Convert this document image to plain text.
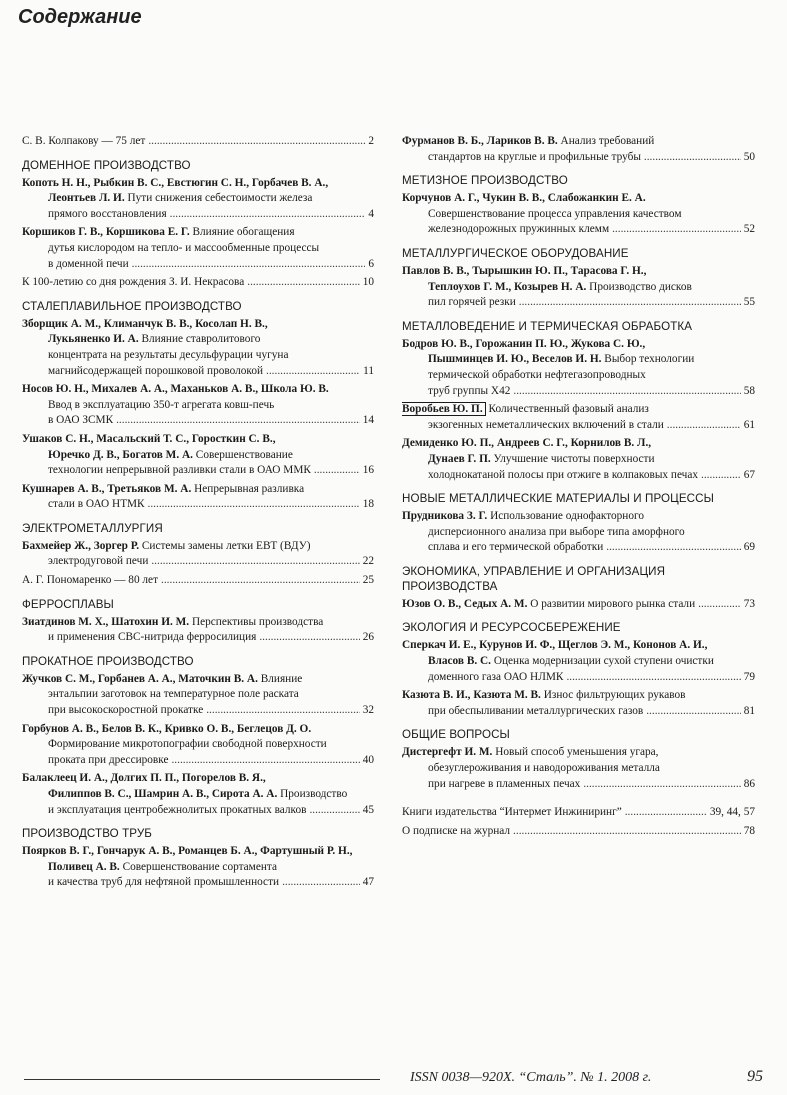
Содержание
С. В. Колпакову — 75 лет .....	2
ДОМЕННОЕ ПРОИЗВОДСТВО
Копоть Н. Н., Рыбкин В. С., Евстюгин С. Н., Горбачев В. А.,
Леонтьев Л. И. Пути снижения себестоимости железа
прямого восстановления .....	4
Коршиков Г. В., Коршикова Е. Г. Влияние обогащения
дутья кислородом на тепло- и массообменные процессы
в доменной печи .....	6
К 100-летию со дня рождения З. И. Некрасова .....	10
СТАЛЕПЛАВИЛЬНОЕ ПРОИЗВОДСТВО
Зборщик А. М., Климанчук В. В., Косолап Н. В.,
Лукьяненко И. А. Влияние ставролитового
концентрата на результаты десульфурации чугуна
магнийсодержащей порошковой проволокой .....	11
Носов Ю. Н., Михалев А. А., Маханьков А. В., Школа Ю. В.
Ввод в эксплуатацию 350-т агрегата ковш-печь
в ОАО ЗСМК .....	14
Ушаков С. Н., Масальский Т. С., Горосткин С. В.,
Юречко Д. В., Богатов М. А. Совершенствование
технологии непрерывной разливки стали в ОАО ММК .....	16
Кушнарев А. В., Третьяков М. А. Непрерывная разливка
стали в ОАО НТМК .....	18
ЭЛЕКТРОМЕТАЛЛУРГИЯ
Бахмейер Ж., Зоргер Р. Системы замены летки ЕВТ (ВДУ)
электродуговой печи .....	22
А. Г. Пономаренко — 80 лет .....	25
ФЕРРОСПЛАВЫ
Зиатдинов М. Х., Шатохин И. М. Перспективы производства
и применения СВС-нитрида ферросилиция .....	26
ПРОКАТНОЕ ПРОИЗВОДСТВО
Жучков С. М., Горбанев А. А., Маточкин В. А. Влияние
энтальпии заготовок на температурное поле раската
при высокоскоростной прокатке .....	32
Горбунов А. В., Белов В. К., Кривко О. В., Беглецов Д. О.
Формирование микротопографии свободной поверхности
проката при дрессировке .....	40
Балаклеец И. А., Долгих П. П., Погорелов В. Я.,
Филиппов В. С., Шамрин А. В., Сирота А. А. Производство
и эксплуатация центробежнолитых прокатных валков .....	45
ПРОИЗВОДСТВО ТРУБ
Поярков В. Г., Гончарук А. В., Романцев Б. А., Фартушный Р. Н.,
Поливец А. В. Совершенствование сортамента
и качества труб для нефтяной промышленности .....	47
Фурманов В. Б., Лариков В. В. Анализ требований
стандартов на круглые и профильные трубы .....	50
МЕТИЗНОЕ ПРОИЗВОДСТВО
Корчунов А. Г., Чукин В. В., Слабожанкин Е. А.
Совершенствование процесса управления качеством
железнодорожных пружинных клемм .....	52
МЕТАЛЛУРГИЧЕСКОЕ ОБОРУДОВАНИЕ
Павлов В. В., Тырышкин Ю. П., Тарасова Г. Н.,
Теплоухов Г. М., Козырев Н. А. Производство дисков
пил горячей резки .....	55
МЕТАЛЛОВЕДЕНИЕ И ТЕРМИЧЕСКАЯ ОБРАБОТКА
Бодров Ю. В., Горожанин П. Ю., Жукова С. Ю.,
Пышминцев И. Ю., Веселов И. Н. Выбор технологии
термической обработки нефтегазопроводных
труб группы Х42 .....	58
Воробьев Ю. П. Количественный фазовый анализ
экзогенных неметаллических включений в стали .....	61
Демиденко Ю. П., Андреев С. Г., Корнилов В. Л.,
Дунаев Г. П. Улучшение чистоты поверхности
холоднокатаной полосы при отжиге в колпаковых печах .....	67
НОВЫЕ МЕТАЛЛИЧЕСКИЕ МАТЕРИАЛЫ И ПРОЦЕССЫ
Прудникова З. Г. Использование однофакторного
дисперсионного анализа при выборе типа аморфного
сплава и его термической обработки .....	69
ЭКОНОМИКА, УПРАВЛЕНИЕ И ОРГАНИЗАЦИЯ
ПРОИЗВОДСТВА
Юзов О. В., Седых А. М. О развитии мирового рынка стали .....	73
ЭКОЛОГИЯ И РЕСУРСОСБЕРЕЖЕНИЕ
Сперкач И. Е., Курунов И. Ф., Щеглов Э. М., Кононов А. И.,
Власов В. С. Оценка модернизации сухой ступени очистки
доменного газа ОАО НЛМК .....	79
Казюта В. И., Казюта М. В. Износ фильтрующих рукавов
при обеспыливании металлургических газов .....	81
ОБЩИЕ ВОПРОСЫ
Дистергефт И. М. Новый способ уменьшения угара,
обезуглероживания и наводороживания металла
при нагреве в пламенных печах .....	86
Книги издательства “Интермет Инжиниринг” .....	39, 44, 57
О подписке на журнал .....	78
ISSN 0038—920X. “Сталь”. № 1. 2008 г.	95
